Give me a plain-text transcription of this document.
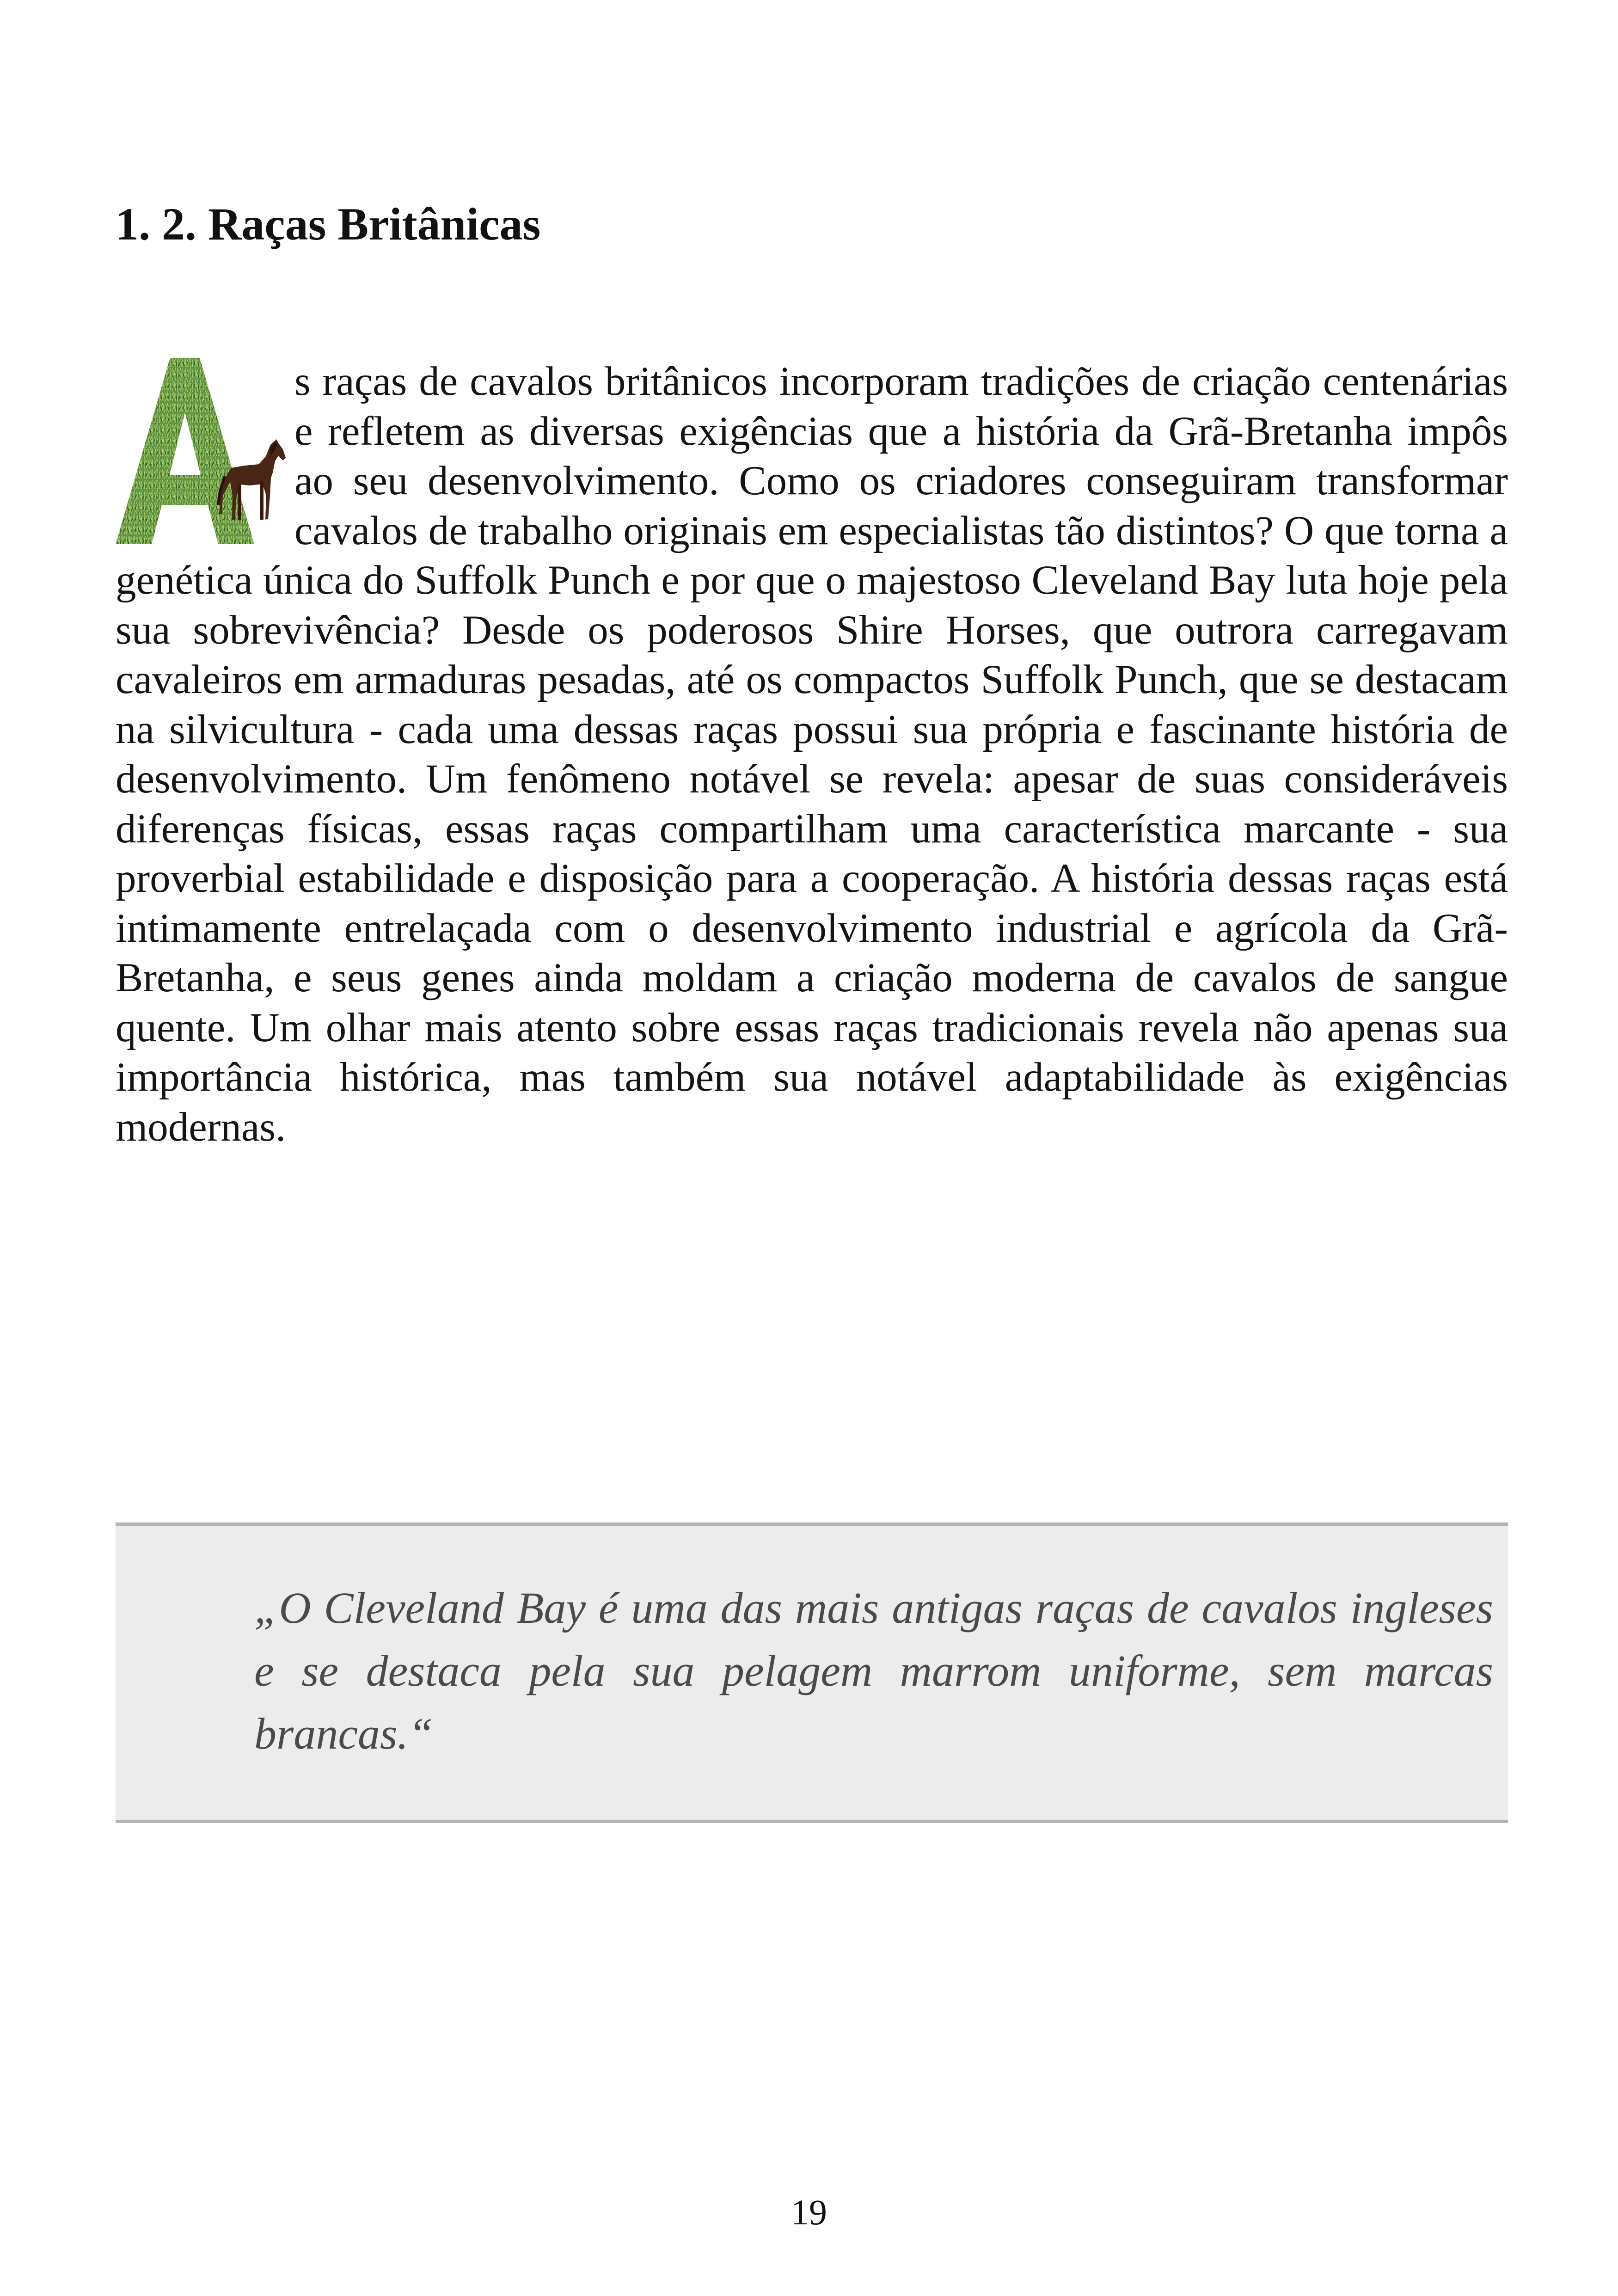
1. 2. Raças Britânicas
s raças de cavalos britânicos incorporam tradições de criação centenárias e refletem as diversas exigências que a história da Grã-Bretanha impôs ao seu desenvolvimento. Como os criadores conseguiram transformar cavalos de trabalho originais em especialistas tão distintos? O que torna a genética única do Suffolk Punch e por que o majestoso Cleveland Bay luta hoje pela sua sobrevivência? Desde os poderosos Shire Horses, que outrora carregavam cavaleiros em armaduras pesadas, até os compactos Suffolk Punch, que se destacam na silvicultura - cada uma dessas raças possui sua própria e fascinante história de desenvolvimento. Um fenômeno notável se revela: apesar de suas consideráveis diferenças físicas, essas raças compartilham uma característica marcante - sua proverbial estabilidade e disposição para a cooperação. A história dessas raças está intimamente entrelaçada com o desenvolvimento industrial e agrícola da Grã-Bretanha, e seus genes ainda moldam a criação moderna de cavalos de sangue quente. Um olhar mais atento sobre essas raças tradicionais revela não apenas sua importância histórica, mas também sua notável adaptabilidade às exigências modernas.

„O Cleveland Bay é uma das mais antigas raças de cavalos ingleses e se destaca pela sua pelagem marrom uniforme, sem marcas brancas.“

19
